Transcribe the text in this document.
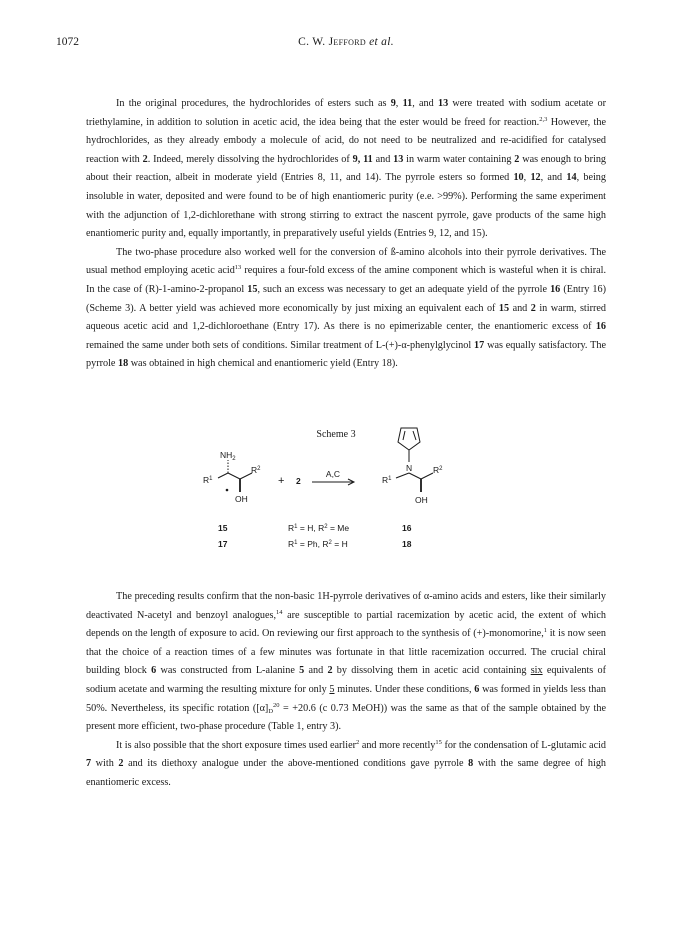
1072	C. W. Jefford et al.

In the original procedures, the hydrochlorides of esters such as 9, 11, and 13 were treated with sodium acetate or triethylamine, in addition to solution in acetic acid, the idea being that the ester would be freed for reaction.$^{2,3}$ However, the hydrochlorides, as they already embody a molecule of acid, do not need to be neutralized and re-acidified for catalysed reaction with 2. Indeed, merely dissolving the hydrochlorides of 9, 11 and 13 in warm water containing 2 was enough to bring about their reaction, albeit in moderate yield (Entries 8, 11, and 14). The pyrrole esters so formed 10, 12, and 14, being insoluble in water, deposited and were found to be of high enantiomeric purity (e.e. >99%). Performing the same experiment with the adjunction of 1,2-dichlorethane with strong stirring to extract the nascent pyrrole, gave products of the same high enantiomeric purity and, equally importantly, in preparatively useful yields (Entries 9, 12, and 15).

The two-phase procedure also worked well for the conversion of ß-amino alcohols into their pyrrole derivatives. The usual method employing acetic acid$^{13}$ requires a four-fold excess of the amine component which is wasteful when it is chiral. In the case of (R)-1-amino-2-propanol 15, such an excess was necessary to get an adequate yield of the pyrrole 16 (Entry 16) (Scheme 3). A better yield was achieved more economically by just mixing an equivalent each of 15 and 2 in warm, stirred aqueous acetic acid and 1,2-dichloroethane (Entry 17). As there is no epimerizable center, the enantiomeric excess of 16 remained the same under both sets of conditions. Similar treatment of L-(+)-α-phenylglycinol 17 was equally satisfactory. The pyrrole 18 was obtained in high chemical and enantiomeric yield (Entry 18).

Scheme 3
$NH_2$
$R^1$
$R^2$
OH
+ 2
A,C
N
$R^1$
$R^2$
OH
15	$R^1 = H$, $R^2 = Me$	16
17	$R^1 = Ph$, $R^2 = H$	18

The preceding results confirm that the non-basic 1H-pyrrole derivatives of α-amino acids and esters, like their similarly deactivated N-acetyl and benzoyl analogues,$^{14}$ are susceptible to partial racemization by acetic acid, the extent of which depends on the length of exposure to acid. On reviewing our first approach to the synthesis of (+)-monomorine,$^1$ it is now seen that the choice of a reaction times of a few minutes was fortunate in that little racemization occurred. The crucial chiral building block 6 was constructed from L-alanine 5 and 2 by dissolving them in acetic acid containing six equivalents of sodium acetate and warming the resulting mixture for only 5 minutes. Under these conditions, 6 was formed in yields less than 50%. Nevertheless, its specific rotation ($[\alpha]_D^{20} = +20.6$ (c 0.73 MeOH)) was the same as that of the sample obtained by the present more efficient, two-phase procedure (Table 1, entry 3).

It is also possible that the short exposure times used earlier$^2$ and more recently$^{15}$ for the condensation of L-glutamic acid 7 with 2 and its diethoxy analogue under the above-mentioned conditions gave pyrrole 8 with the same degree of high enantiomeric excess.
